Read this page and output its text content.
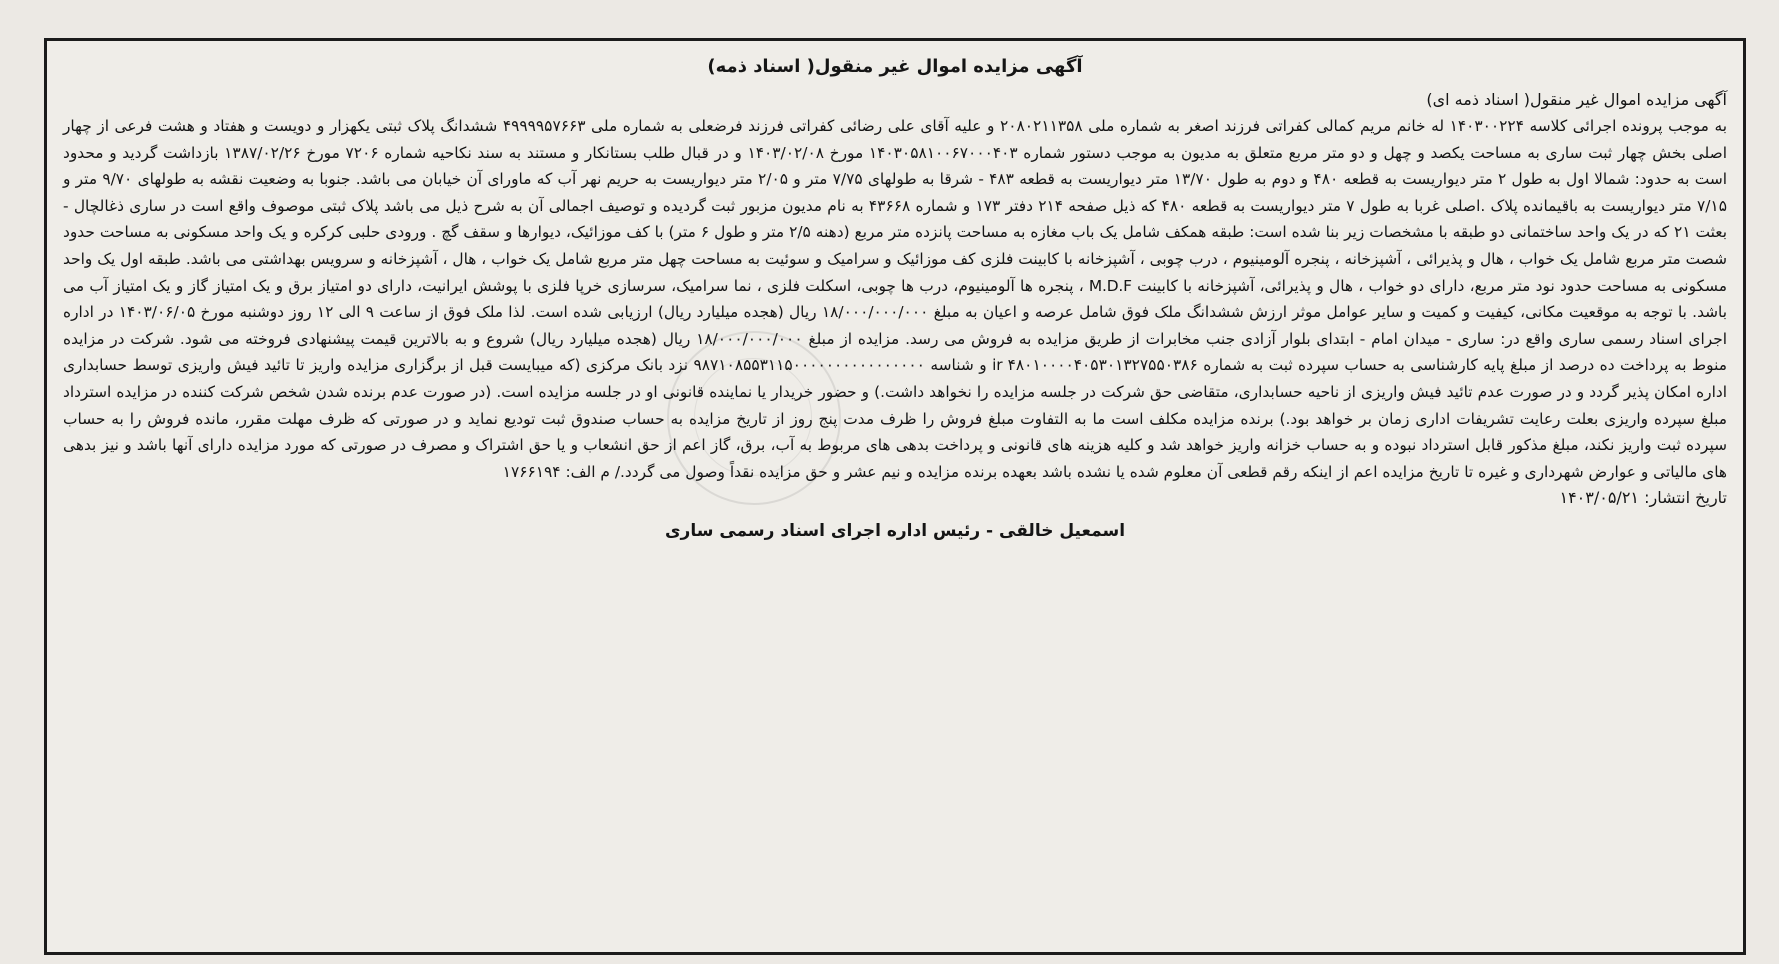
آگهی مزایده اموال غیر منقول( اسناد ذمه)
آگهی مزایده اموال غیر منقول( اسناد ذمه ای)

به موجب پرونده اجرائی کلاسه ۱۴۰۳۰۰۲۲۴ له خانم مریم کمالی کفراتی فرزند اصغر به شماره ملی ۲۰۸۰۲۱۱۳۵۸ و علیه آقای علی رضائی کفراتی فرزند فرضعلی به شماره ملی ۴۹۹۹۹۵۷۶۶۳ ششدانگ پلاک ثبتی یکهزار و دویست و هفتاد و هشت فرعی از چهار اصلی بخش چهار ثبت ساری به مساحت یکصد و چهل و دو متر مربع متعلق به مدیون به موجب دستور شماره ۱۴۰۳۰۵۸۱۰۰۶۷۰۰۰۴۰۳ مورخ ۱۴۰۳/۰۲/۰۸ و در قبال طلب بستانکار و مستند به سند نکاحیه شماره ۷۲۰۶ مورخ ۱۳۸۷/۰۲/۲۶ بازداشت گردید و محدود است به حدود: شمالا اول به طول ۲ متر دیواریست به قطعه ۴۸۰ و دوم به طول ۱۳/۷۰ متر دیواریست به قطعه ۴۸۳ - شرقا به طولهای ۷/۷۵ متر و ۲/۰۵ متر دیواریست به حریم نهر آب که ماورای آن خیابان می باشد. جنوبا به وضعیت نقشه به طولهای ۹/۷۰ متر و ۷/۱۵ متر دیواریست به باقیمانده پلاک .اصلی غربا به طول ۷ متر دیواریست به قطعه ۴۸۰ که ذیل صفحه ۲۱۴ دفتر ۱۷۳ و شماره ۴۳۶۶۸ به نام مدیون مزبور ثبت گردیده و توصیف اجمالی آن به شرح ذیل می باشد پلاک ثبتی موصوف واقع است در ساری ذغالچال - بعثت ۲۱ که در یک واحد ساختمانی دو طبقه با مشخصات زیر بنا شده است: طبقه همکف شامل یک باب مغازه به مساحت پانزده متر مربع (دهنه ۲/۵ متر و طول ۶ متر) با کف موزائیک، دیوارها و سقف گچ . ورودی حلبی کرکره و یک واحد مسکونی به مساحت حدود شصت متر مربع شامل یک خواب ، هال و پذیرائی ، آشپزخانه ، پنجره آلومینیوم ، درب چوبی ، آشپزخانه با کابینت فلزی کف موزائیک و سرامیک و سوئیت به مساحت چهل متر مربع شامل یک خواب ، هال ، آشپزخانه و سرویس بهداشتی می باشد. طبقه اول یک واحد مسکونی به مساحت حدود نود متر مربع، دارای دو خواب ، هال و پذیرائی، آشپزخانه با کابینت M.D.F ، پنجره ها آلومینیوم، درب ها چوبی، اسکلت فلزی ، نما سرامیک، سرسازی خرپا فلزی با پوشش ایرانیت، دارای دو امتیاز برق و یک امتیاز گاز و یک امتیاز آب می باشد. با توجه به موقعیت مکانی، کیفیت و کمیت و سایر عوامل موثر ارزش ششدانگ ملک فوق شامل عرصه و اعیان به مبلغ ۱۸/۰۰۰/۰۰۰/۰۰۰ ریال (هجده میلیارد ریال) ارزیابی شده است. لذا ملک فوق از ساعت ۹ الی ۱۲ روز دوشنبه مورخ ۱۴۰۳/۰۶/۰۵ در اداره اجرای اسناد رسمی ساری واقع در: ساری - میدان امام - ابتدای بلوار آزادی جنب مخابرات از طریق مزایده به فروش می رسد. مزایده از مبلغ ۱۸/۰۰۰/۰۰۰/۰۰۰ ریال (هجده میلیارد ریال) شروع و به بالاترین قیمت پیشنهادی فروخته می شود. شرکت در مزایده منوط به پرداخت ده درصد از مبلغ پایه کارشناسی به حساب سپرده ثبت به شماره ir ۴۸۰۱۰۰۰۰۴۰۵۳۰۱۳۲۷۵۵۰۳۸۶ و شناسه ۹۸۷۱۰۸۵۵۳۱۱۵۰۰۰۰۰۰۰۰۰۰۰۰۰۰۰۰ نزد بانک مرکزی (که میبایست قبل از برگزاری مزایده واریز تا تائید فیش واریزی توسط حسابداری اداره امکان پذیر گردد و در صورت عدم تائید فیش واریزی از ناحیه حسابداری، متقاضی حق شرکت در جلسه مزایده را نخواهد داشت.) و حضور خریدار یا نماینده قانونی او در جلسه مزایده است. (در صورت عدم برنده شدن شخص شرکت کننده در مزایده استرداد مبلغ سپرده واریزی بعلت رعایت تشریفات اداری زمان بر خواهد بود.) برنده مزایده مکلف است ما به التفاوت مبلغ فروش را ظرف مدت پنج روز از تاریخ مزایده به حساب صندوق ثبت تودیع نماید و در صورتی که ظرف مهلت مقرر، مانده فروش را به حساب سپرده ثبت واریز نکند، مبلغ مذکور قابل استرداد نبوده و به حساب خزانه واریز خواهد شد و کلیه هزینه های قانونی و پرداخت بدهی های مربوط به آب، برق، گاز اعم از حق انشعاب و یا حق اشتراک و مصرف در صورتی که مورد مزایده دارای آنها باشد و نیز بدهی های مالیاتی و عوارض شهرداری و غیره تا تاریخ مزایده اعم از اینکه رقم قطعی آن معلوم شده یا نشده باشد بعهده برنده مزایده و نیم عشر و حق مزایده نقداً وصول می گردد./ م الف: ۱۷۶۶۱۹۴

تاریخ انتشار: ۱۴۰۳/۰۵/۲۱
اسمعیل خالقی - رئیس اداره اجرای اسناد رسمی ساری
